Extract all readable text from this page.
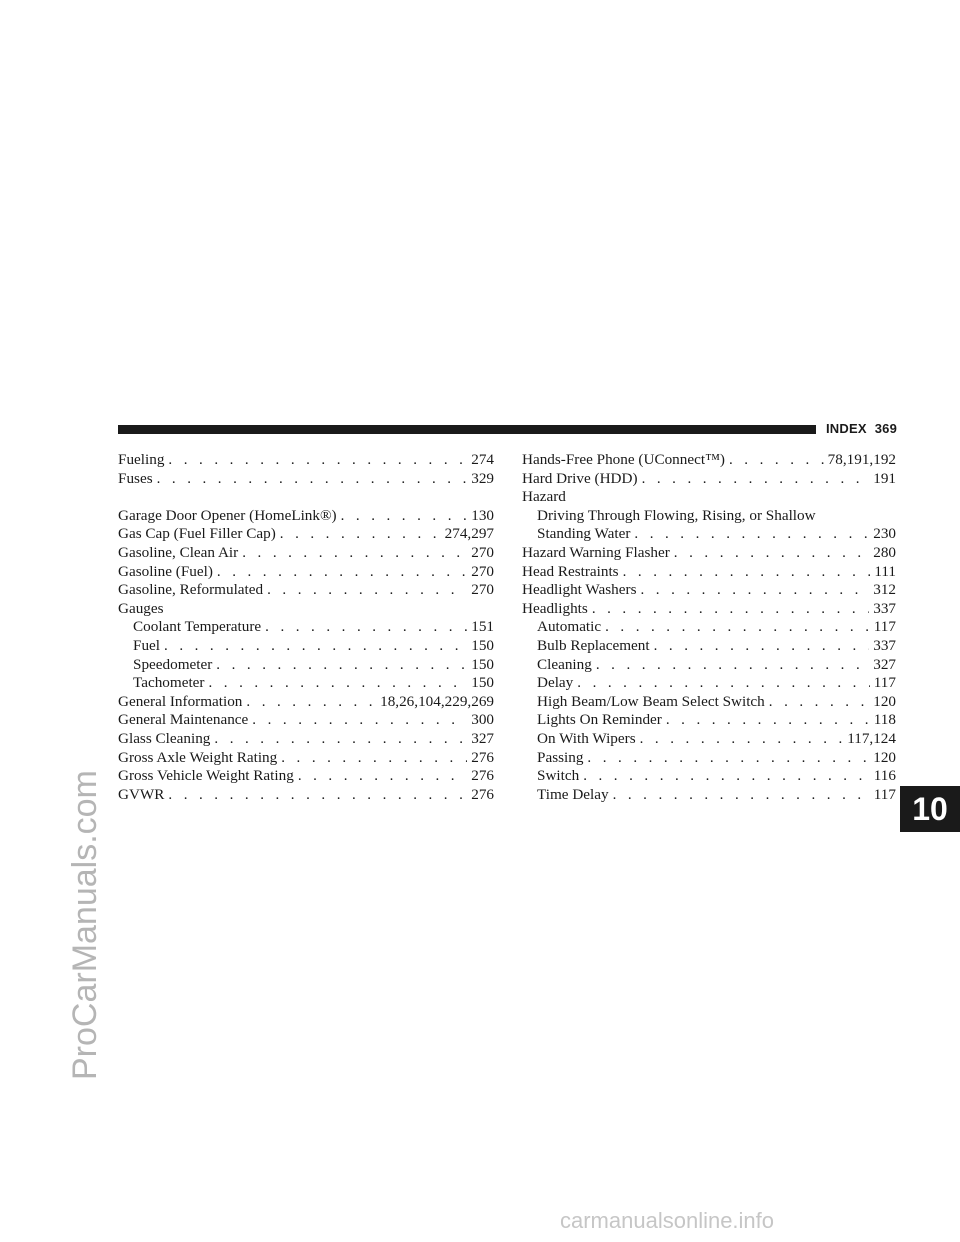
INDEX 369
10
ProCarManuals.com
carmanualsonline.info
Fueling . . .	274
Fuses . . .	329
Garage Door Opener (HomeLink®) . . .	130
Gas Cap (Fuel Filler Cap) . . .	274,297
Gasoline, Clean Air . . .	270
Gasoline (Fuel) . . .	270
Gasoline, Reformulated . . .	270
Gauges
Coolant Temperature . . .	151
Fuel . . .	150
Speedometer . . .	150
Tachometer . . .	150
General Information . . .	18,26,104,229,269
General Maintenance . . .	300
Glass Cleaning . . .	327
Gross Axle Weight Rating . . .	276
Gross Vehicle Weight Rating . . .	276
GVWR . . .	276
Hands-Free Phone (UConnect™) . . .	78,191,192
Hard Drive (HDD) . . .	191
Hazard
Driving Through Flowing, Rising, or Shallow
Standing Water . . .	230
Hazard Warning Flasher . . .	280
Head Restraints . . .	111
Headlight Washers . . .	312
Headlights . . .	337
Automatic . . .	117
Bulb Replacement . . .	337
Cleaning . . .	327
Delay . . .	117
High Beam/Low Beam Select Switch . . .	120
Lights On Reminder . . .	118
On With Wipers . . .	117,124
Passing . . .	120
Switch . . .	116
Time Delay . . .	117
